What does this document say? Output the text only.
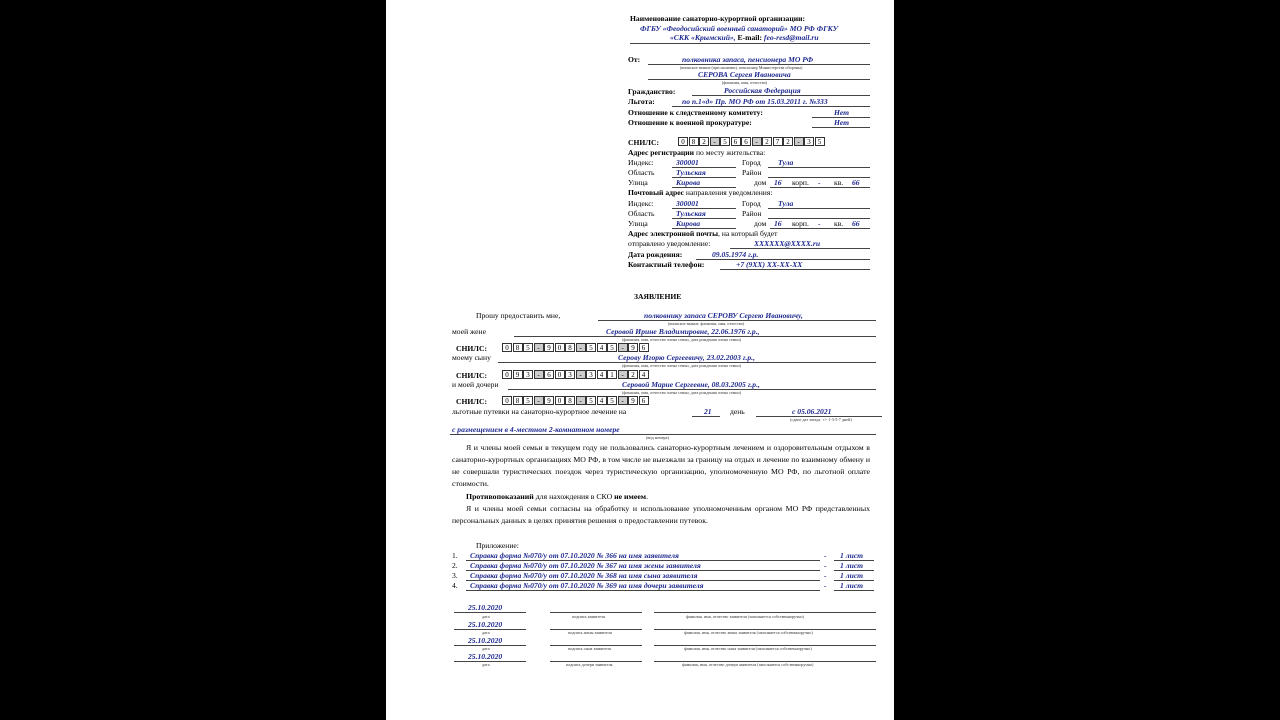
Наименование санаторно-курортной организации:
ФГБУ «Феодосийский военный санаторий» МО РФ ФГКУ
«СКК «Крымский», E-mail: feo-resd@mail.ru
От:	полковника запаса, пенсионера МО РФ
(воинское звание (при наличии), пенсионер Министерства обороны)
СЕРОВА Сергея Ивановича
(фамилия, имя, отчество)
Гражданство:	Российская Федерация
Льгота:	по п.1«д» Пр. МО РФ от 15.03.2011 г. №333
Отношение к следственному комитету:	Нет
Отношение к военной прокуратуре:	Нет
СНИЛС:	0	8	2	-	5	6	6	-	2	7	2	-	3	5
Адрес регистрации по месту жительства:
Индекс:	300001	Город Тула
Область	Тульская	Район
Улица	Кирова	дом 16 корп. - кв. 66
Почтовый адрес направления уведомления:
Индекс:	300001	Город Тула
Область	Тульская	Район
Улица	Кирова	дом 16 корп. - кв. 66
Адрес электронной почты, на который будет
отправлено уведомление:	XXXXXX@XXXX.ru
Дата рождения:	09.05.1974 г.р.
Контактный телефон:	+7 (9XX) XX-XX-XX
ЗАЯВЛЕНИЕ
Прошу предоставить мне,	полковнику запаса СЕРОВУ Сергею Ивановичу,
(воинское звание, фамилия, имя, отчество)
моей жене	Серовой Ирине Владимировне, 22.06.1976 г.р.,
(фамилия, имя, отчество члена семьи, дата рождения члена семьи)
СНИЛС:	0	8	5	-	9	0	8	-	5	4	5	-	9	6
моему сыну	Серову Игорю Сергеевичу, 23.02.2003 г.р.,
(фамилия, имя, отчество члена семьи, дата рождения члена семьи)
СНИЛС:	0	9	3	-	6	0	3	-	3	4	1	-	2	4
и моей дочери	Серовой Марие Сергеевне, 08.03.2005 г.р.,
(фамилия, имя, отчество члена семьи, дата рождения члена семьи)
СНИЛС:	0	8	5	-	9	0	8	-	5	4	5	-	9	6
льготные путевки на санаторно-курортное лечение на	21 день	с 05.06.2021
(сдвиг дат заезда: +/- 1-3-5-7 дней)
с размещением в 4-местном 2-комнатном номере
(вид номера)

Я и члены моей семьи в текущем году не пользовались санаторно-курортным лечением и оздоровительным отдыхом в санаторно-курортных организациях МО РФ, в том числе не выезжали за границу на отдых и лечение по взаимному обмену и не совершали туристических поездок через туристическую организацию, уполномоченную МО РФ, по льготной оплате стоимости.

Противопоказаний для нахождения в СКО не имеем.

Я и члены моей семьи согласны на обработку и использование уполномоченным органом МО РФ представленных персональных данных в целях принятия решения о предоставлении путевок.

Приложение:
1. Справка форма №070/у от 07.10.2020 № 366 на имя заявителя	- 1 лист
2. Справка форма №070/у от 07.10.2020 № 367 на имя жены заявителя	- 1 лист
3. Справка форма №070/у от 07.10.2020 № 368 на имя сына заявителя	- 1 лист
4. Справка форма №070/у от 07.10.2020 № 369 на имя дочери заявителя	- 1 лист
25.10.2020
дата	подпись заявителя	фамилия, имя, отчество заявителя (заполняется собственноручно)
25.10.2020
дата	подпись жены заявителя	фамилия, имя, отчество жены заявителя (заполняется собственноручно)
25.10.2020
дата	подпись сына заявителя	фамилия, имя, отчество сына заявителя (заполняется собственноручно)
25.10.2020
дата	подпись дочери заявителя	фамилия, имя, отчество дочери заявителя (заполняется собственноручно)
